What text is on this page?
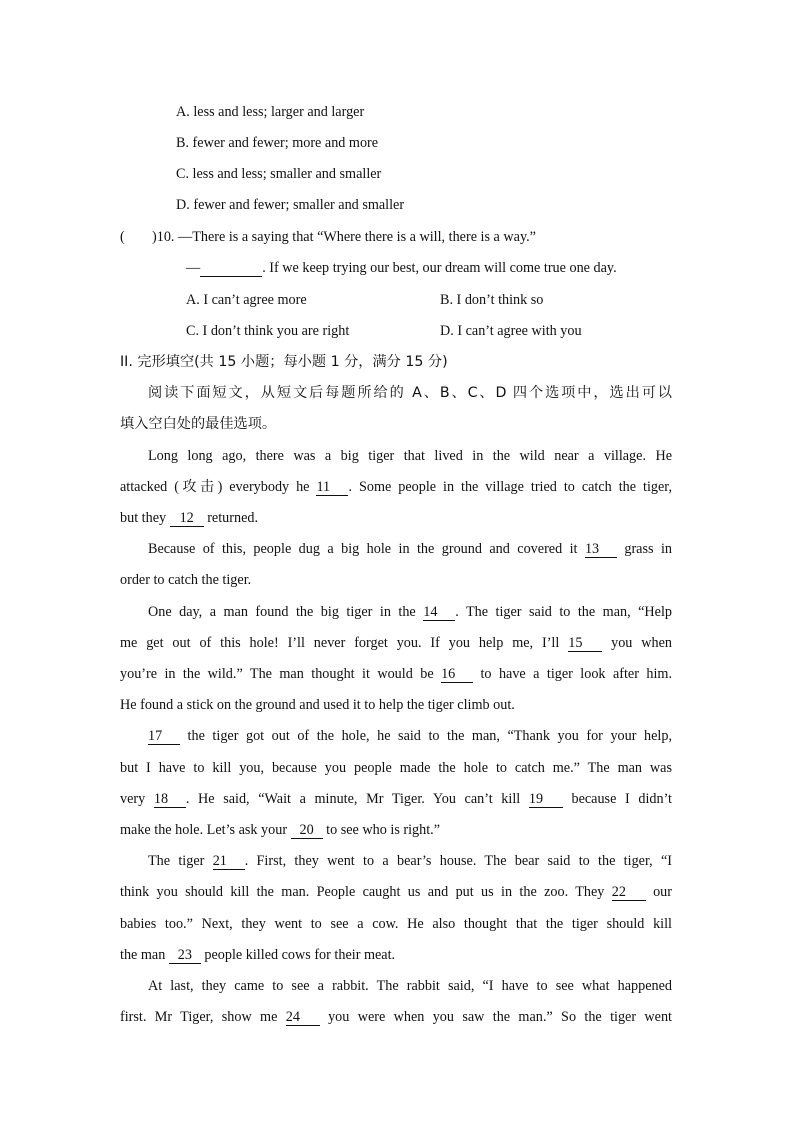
A. less and less; larger and larger
B. fewer and fewer; more and more
C. less and less; smaller and smaller
D. fewer and fewer; smaller and smaller
( )10. —There is a saying that “Where there is a will, there is a way.”
—	. If we keep trying our best, our dream will come true one day.
A. I can’t agree more	B. I don’t think so
C. I don’t think you are right	D. I can’t agree with you
II. 完形填空(共 15 小题；每小题 1 分，满分 15 分)
阅读下面短文，从短文后每题所给的 A、B、C、D 四个选项中，选出可以
填入空白处的最佳选项。
Long long ago, there was a big tiger that lived in the wild near a village. He
attacked (攻击) everybody he 11 . Some people in the village tried to catch the tiger,
but they 12 returned.
Because of this, people dug a big hole in the ground and covered it 13 grass in
order to catch the tiger.
One day, a man found the big tiger in the 14 . The tiger said to the man, “Help
me get out of this hole! I’ll never forget you. If you help me, I’ll 15 you when
you’re in the wild.” The man thought it would be 16 to have a tiger look after him.
He found a stick on the ground and used it to help the tiger climb out.
17 the tiger got out of the hole, he said to the man, “Thank you for your help,
but I have to kill you, because you people made the hole to catch me.” The man was
very 18 . He said, “Wait a minute, Mr Tiger. You can’t kill 19 because I didn’t
make the hole. Let’s ask your 20 to see who is right.”
The tiger 21 . First, they went to a bear’s house. The bear said to the tiger, “I
think you should kill the man. People caught us and put us in the zoo. They 22 our
babies too.” Next, they went to see a cow. He also thought that the tiger should kill
the man 23 people killed cows for their meat.
At last, they came to see a rabbit. The rabbit said, “I have to see what happened
first. Mr Tiger, show me 24 you were when you saw the man.” So the tiger went
